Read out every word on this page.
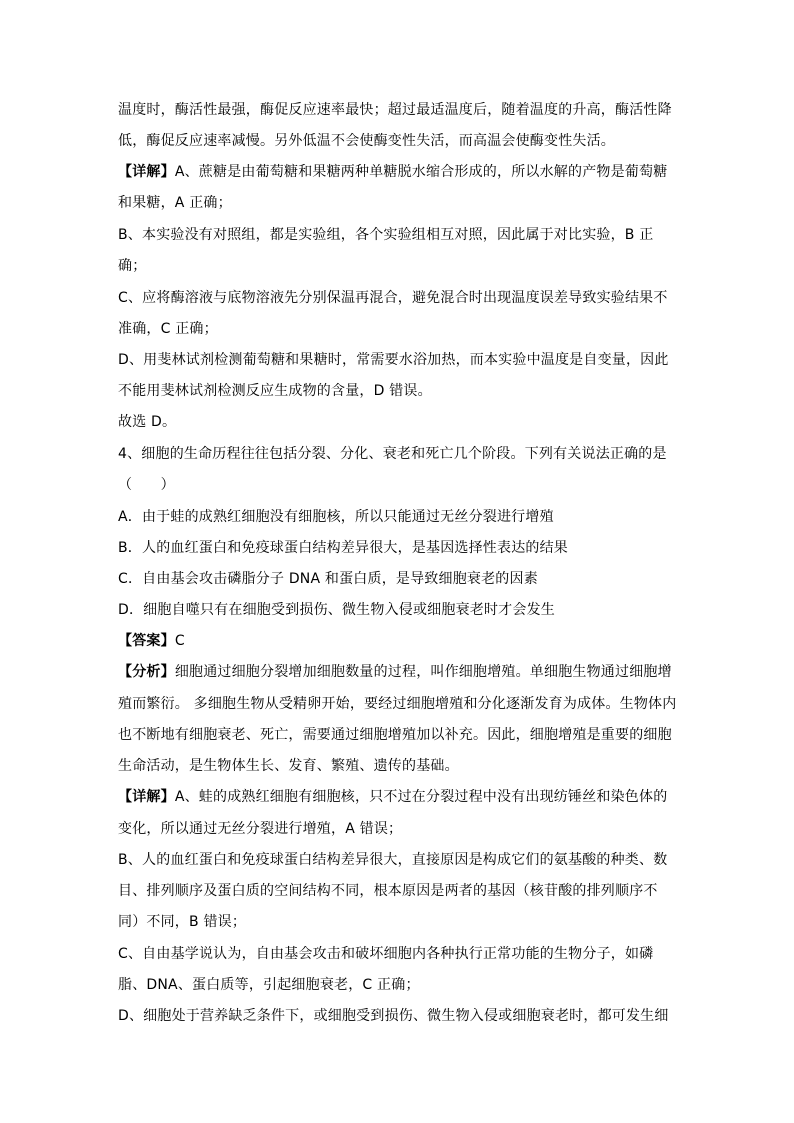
温度时，酶活性最强，酶促反应速率最快；超过最适温度后，随着温度的升高，酶活性降
低，酶促反应速率减慢。另外低温不会使酶变性失活，而高温会使酶变性失活。
【详解】A、蔗糖是由葡萄糖和果糖两种单糖脱水缩合形成的，所以水解的产物是葡萄糖
和果糖，A 正确；
B、本实验没有对照组，都是实验组，各个实验组相互对照，因此属于对比实验，B 正
确；
C、应将酶溶液与底物溶液先分别保温再混合，避免混合时出现温度误差导致实验结果不
准确，C 正确；
D、用斐林试剂检测葡萄糖和果糖时，常需要水浴加热，而本实验中温度是自变量，因此
不能用斐林试剂检测反应生成物的含量，D 错误。
故选 D。
4、细胞的生命历程往往包括分裂、分化、衰老和死亡几个阶段。下列有关说法正确的是
（　　）
A．由于蛙的成熟红细胞没有细胞核，所以只能通过无丝分裂进行增殖
B．人的血红蛋白和免疫球蛋白结构差异很大，是基因选择性表达的结果
C．自由基会攻击磷脂分子 DNA 和蛋白质，是导致细胞衰老的因素
D．细胞自噬只有在细胞受到损伤、微生物入侵或细胞衰老时才会发生
【答案】C
【分析】细胞通过细胞分裂增加细胞数量的过程，叫作细胞增殖。单细胞生物通过细胞增
殖而繁衍。 多细胞生物从受精卵开始，要经过细胞增殖和分化逐渐发育为成体。生物体内
也不断地有细胞衰老、死亡，需要通过细胞增殖加以补充。因此，细胞增殖是重要的细胞
生命活动，是生物体生长、发育、繁殖、遗传的基础。
【详解】A、蛙的成熟红细胞有细胞核，只不过在分裂过程中没有出现纺锤丝和染色体的
变化，所以通过无丝分裂进行增殖，A 错误；
B、人的血红蛋白和免疫球蛋白结构差异很大，直接原因是构成它们的氨基酸的种类、数
目、排列顺序及蛋白质的空间结构不同，根本原因是两者的基因（核苷酸的排列顺序不
同）不同，B 错误；
C、自由基学说认为，自由基会攻击和破坏细胞内各种执行正常功能的生物分子，如磷
脂、DNA、蛋白质等，引起细胞衰老，C 正确；
D、细胞处于营养缺乏条件下，或细胞受到损伤、微生物入侵或细胞衰老时，都可发生细
